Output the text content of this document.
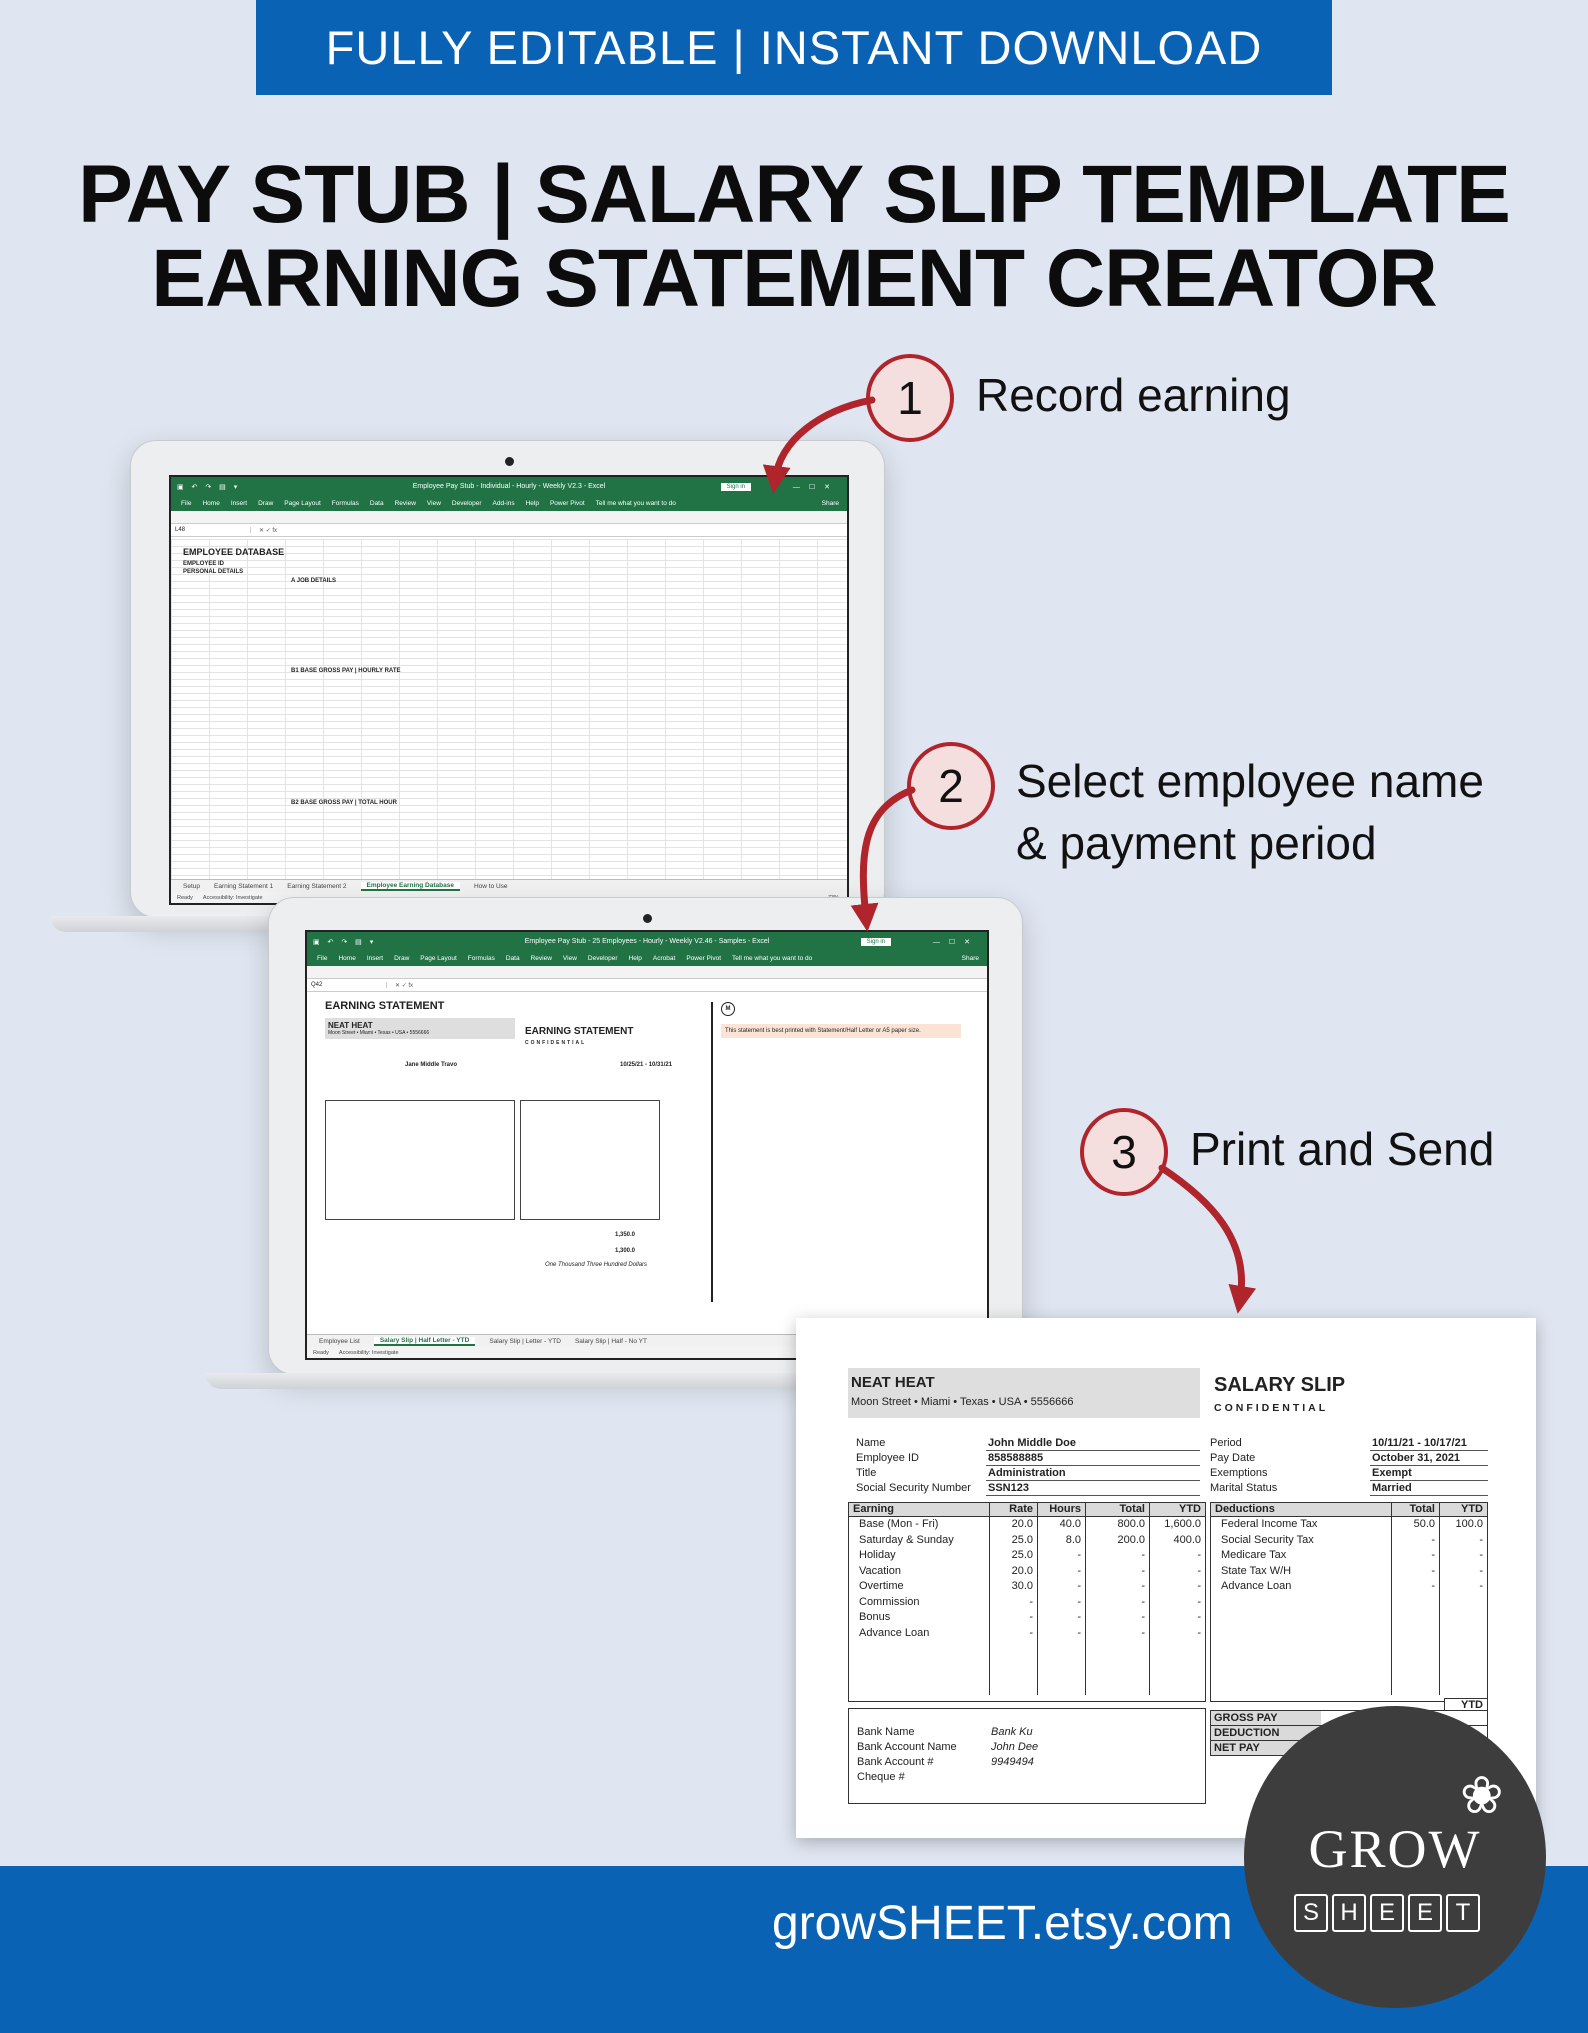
FULLY EDITABLE | INSTANT DOWNLOAD
PAY STUB | SALARY SLIP TEMPLATE
EARNING STATEMENT CREATOR
▣ ↶ ↷ ▤ ▾	Employee Pay Stub - Individual - Hourly - Weekly V2.3 - Excel	Sign in	—☐✕
File Home Insert Draw Page Layout Formulas Data Review View Developer Add-ins Help Power Pivot Tell me what you want to do	Share
L48	✕ ✓ fx
EMPLOYEE DATABASE
EMPLOYEE ID
PERSONAL DETAILS
A JOB DETAILS
B1 BASE GROSS PAY | HOURLY RATE
B2 BASE GROSS PAY | TOTAL HOUR
Setup Earning Statement 1 Earning Statement 2	Employee Earning Database	How to Use
Ready Accessibility: Investigate
▣ ↶ ↷ ▤ ▾	Employee Pay Stub - 25 Employees - Hourly - Weekly V2.46 - Samples - Excel	Sign in	—☐✕
File Home Insert Draw Page Layout Formulas Data Review View Developer Help Acrobat Power Pivot Tell me what you want to do	Share
Q42	✕ ✓ fx
EARNING STATEMENT
NEAT HEAT
Moon Street • Miami • Texas • USA • 5556666	EARNING STATEMENT
CONFIDENTIAL
Jane Middle Travo	10/25/21 - 10/31/21
1,350.0
1,300.0
One Thousand Three Hundred Dollars
M
This statement is best printed with Statement/Half Letter or A5 paper size.
Employee List	Salary Slip | Half Letter - YTD	Salary Slip | Letter - YTD Salary Slip | Half - No YT
Ready Accessibility: Investigate
NEAT HEAT
Moon Street • Miami • Texas • USA • 5556666
SALARY SLIP
CONFIDENTIAL
Name	John Middle Doe
Employee ID	858588885
Title	Administration
Social Security Number	SSN123
Period	10/11/21 - 10/17/21
Pay Date	October 31, 2021
Exemptions	Exempt
Marital Status	Married
Earning	Rate	Hours	Total	YTD
Base (Mon - Fri)	20.0	40.0	800.0	1,600.0
Saturday & Sunday	25.0	8.0	200.0	400.0
Holiday	25.0	-	-	-
Vacation	20.0	-	-	-
Overtime	30.0	-	-	-
Commission	-	-	-	-
Bonus	-	-	-	-
Advance Loan	-	-	-	-
Deductions	Total	YTD
Federal Income Tax	50.0	100.0
Social Security Tax	-	-
Medicare Tax	-	-
State Tax W/H	-	-
Advance Loan	-	-
YTD
Bank Name	Bank Ku
Bank Account Name	John Dee
Bank Account #	9949494
Cheque #
GROSS PAY
DEDUCTION
NET PAY
1	Record earning
2	Select employee name
& payment period
3	Print and Send
growSHEET.etsy.com
❀
GROW
S H E E T
